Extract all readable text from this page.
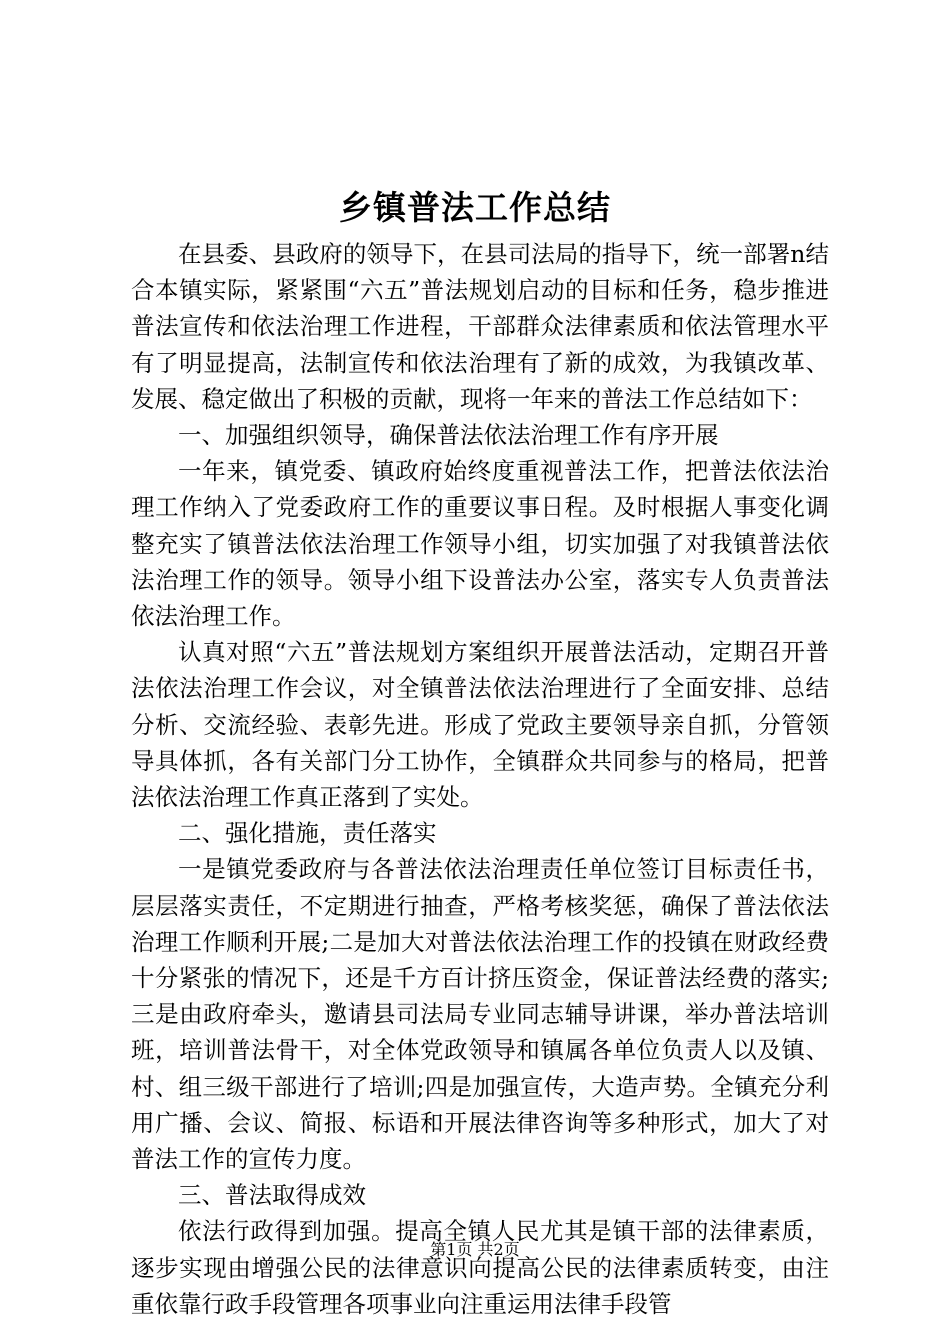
乡镇普法工作总结

在县委、县政府的领导下，在县司法局的指导下，统一部署n结合本镇实际，紧紧围“六五”普法规划启动的目标和任务，稳步推进普法宣传和依法治理工作进程，干部群众法律素质和依法管理水平有了明显提高，法制宣传和依法治理有了新的成效，为我镇改革、发展、稳定做出了积极的贡献，现将一年来的普法工作总结如下：

一、加强组织领导，确保普法依法治理工作有序开展

一年来，镇党委、镇政府始终度重视普法工作，把普法依法治理工作纳入了党委政府工作的重要议事日程。及时根据人事变化调整充实了镇普法依法治理工作领导小组，切实加强了对我镇普法依法治理工作的领导。领导小组下设普法办公室，落实专人负责普法依法治理工作。

认真对照“六五”普法规划方案组织开展普法活动，定期召开普法依法治理工作会议，对全镇普法依法治理进行了全面安排、总结分析、交流经验、表彰先进。形成了党政主要领导亲自抓，分管领导具体抓，各有关部门分工协作，全镇群众共同参与的格局，把普法依法治理工作真正落到了实处。

二、强化措施，责任落实

一是镇党委政府与各普法依法治理责任单位签订目标责任书，层层落实责任，不定期进行抽查，严格考核奖惩，确保了普法依法治理工作顺利开展;二是加大对普法依法治理工作的投镇在财政经费十分紧张的情况下，还是千方百计挤压资金，保证普法经费的落实;三是由政府牵头，邀请县司法局专业同志辅导讲课，举办普法培训班，培训普法骨干，对全体党政领导和镇属各单位负责人以及镇、村、组三级干部进行了培训;四是加强宣传，大造声势。全镇充分利用广播、会议、简报、标语和开展法律咨询等多种形式，加大了对普法工作的宣传力度。

三、普法取得成效

依法行政得到加强。提高全镇人民尤其是镇干部的法律素质，逐步实现由增强公民的法律意识向提高公民的法律素质转变，由注重依靠行政手段管理各项事业向注重运用法律手段管

第1页 共2页
